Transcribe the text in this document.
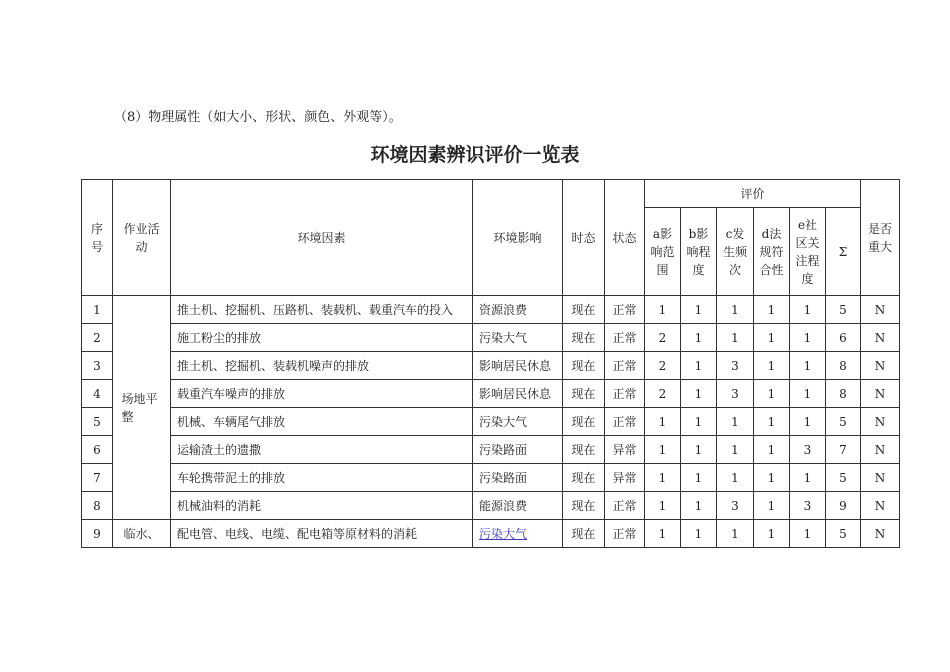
（8）物理属性（如大小、形状、颜色、外观等）。
环境因素辨识评价一览表
序号	作业活动	环境因素	环境影响	时态	状态	评价						是否重大
						a影响范围	b影响程度	c发生频次	d法规符合性	e社区关注程度	Σ	
1	场地平整	推土机、挖掘机、压路机、装载机、载重汽车的投入	资源浪费	现在	正常	1	1	1	1	1	5	N
2		施工粉尘的排放	污染大气	现在	正常	2	1	1	1	1	6	N
3		推土机、挖掘机、装载机噪声的排放	影响居民休息	现在	正常	2	1	3	1	1	8	N
4		载重汽车噪声的排放	影响居民休息	现在	正常	2	1	3	1	1	8	N
5		机械、车辆尾气排放	污染大气	现在	正常	1	1	1	1	1	5	N
6		运输渣土的遗撒	污染路面	现在	异常	1	1	1	1	3	7	N
7		车轮携带泥土的排放	污染路面	现在	异常	1	1	1	1	1	5	N
8		机械油料的消耗	能源浪费	现在	正常	1	1	3	1	3	9	N
9	临水、	配电管、电线、电缆、配电箱等原材料的消耗	污染大气	现在	正常	1	1	1	1	1	5	N
